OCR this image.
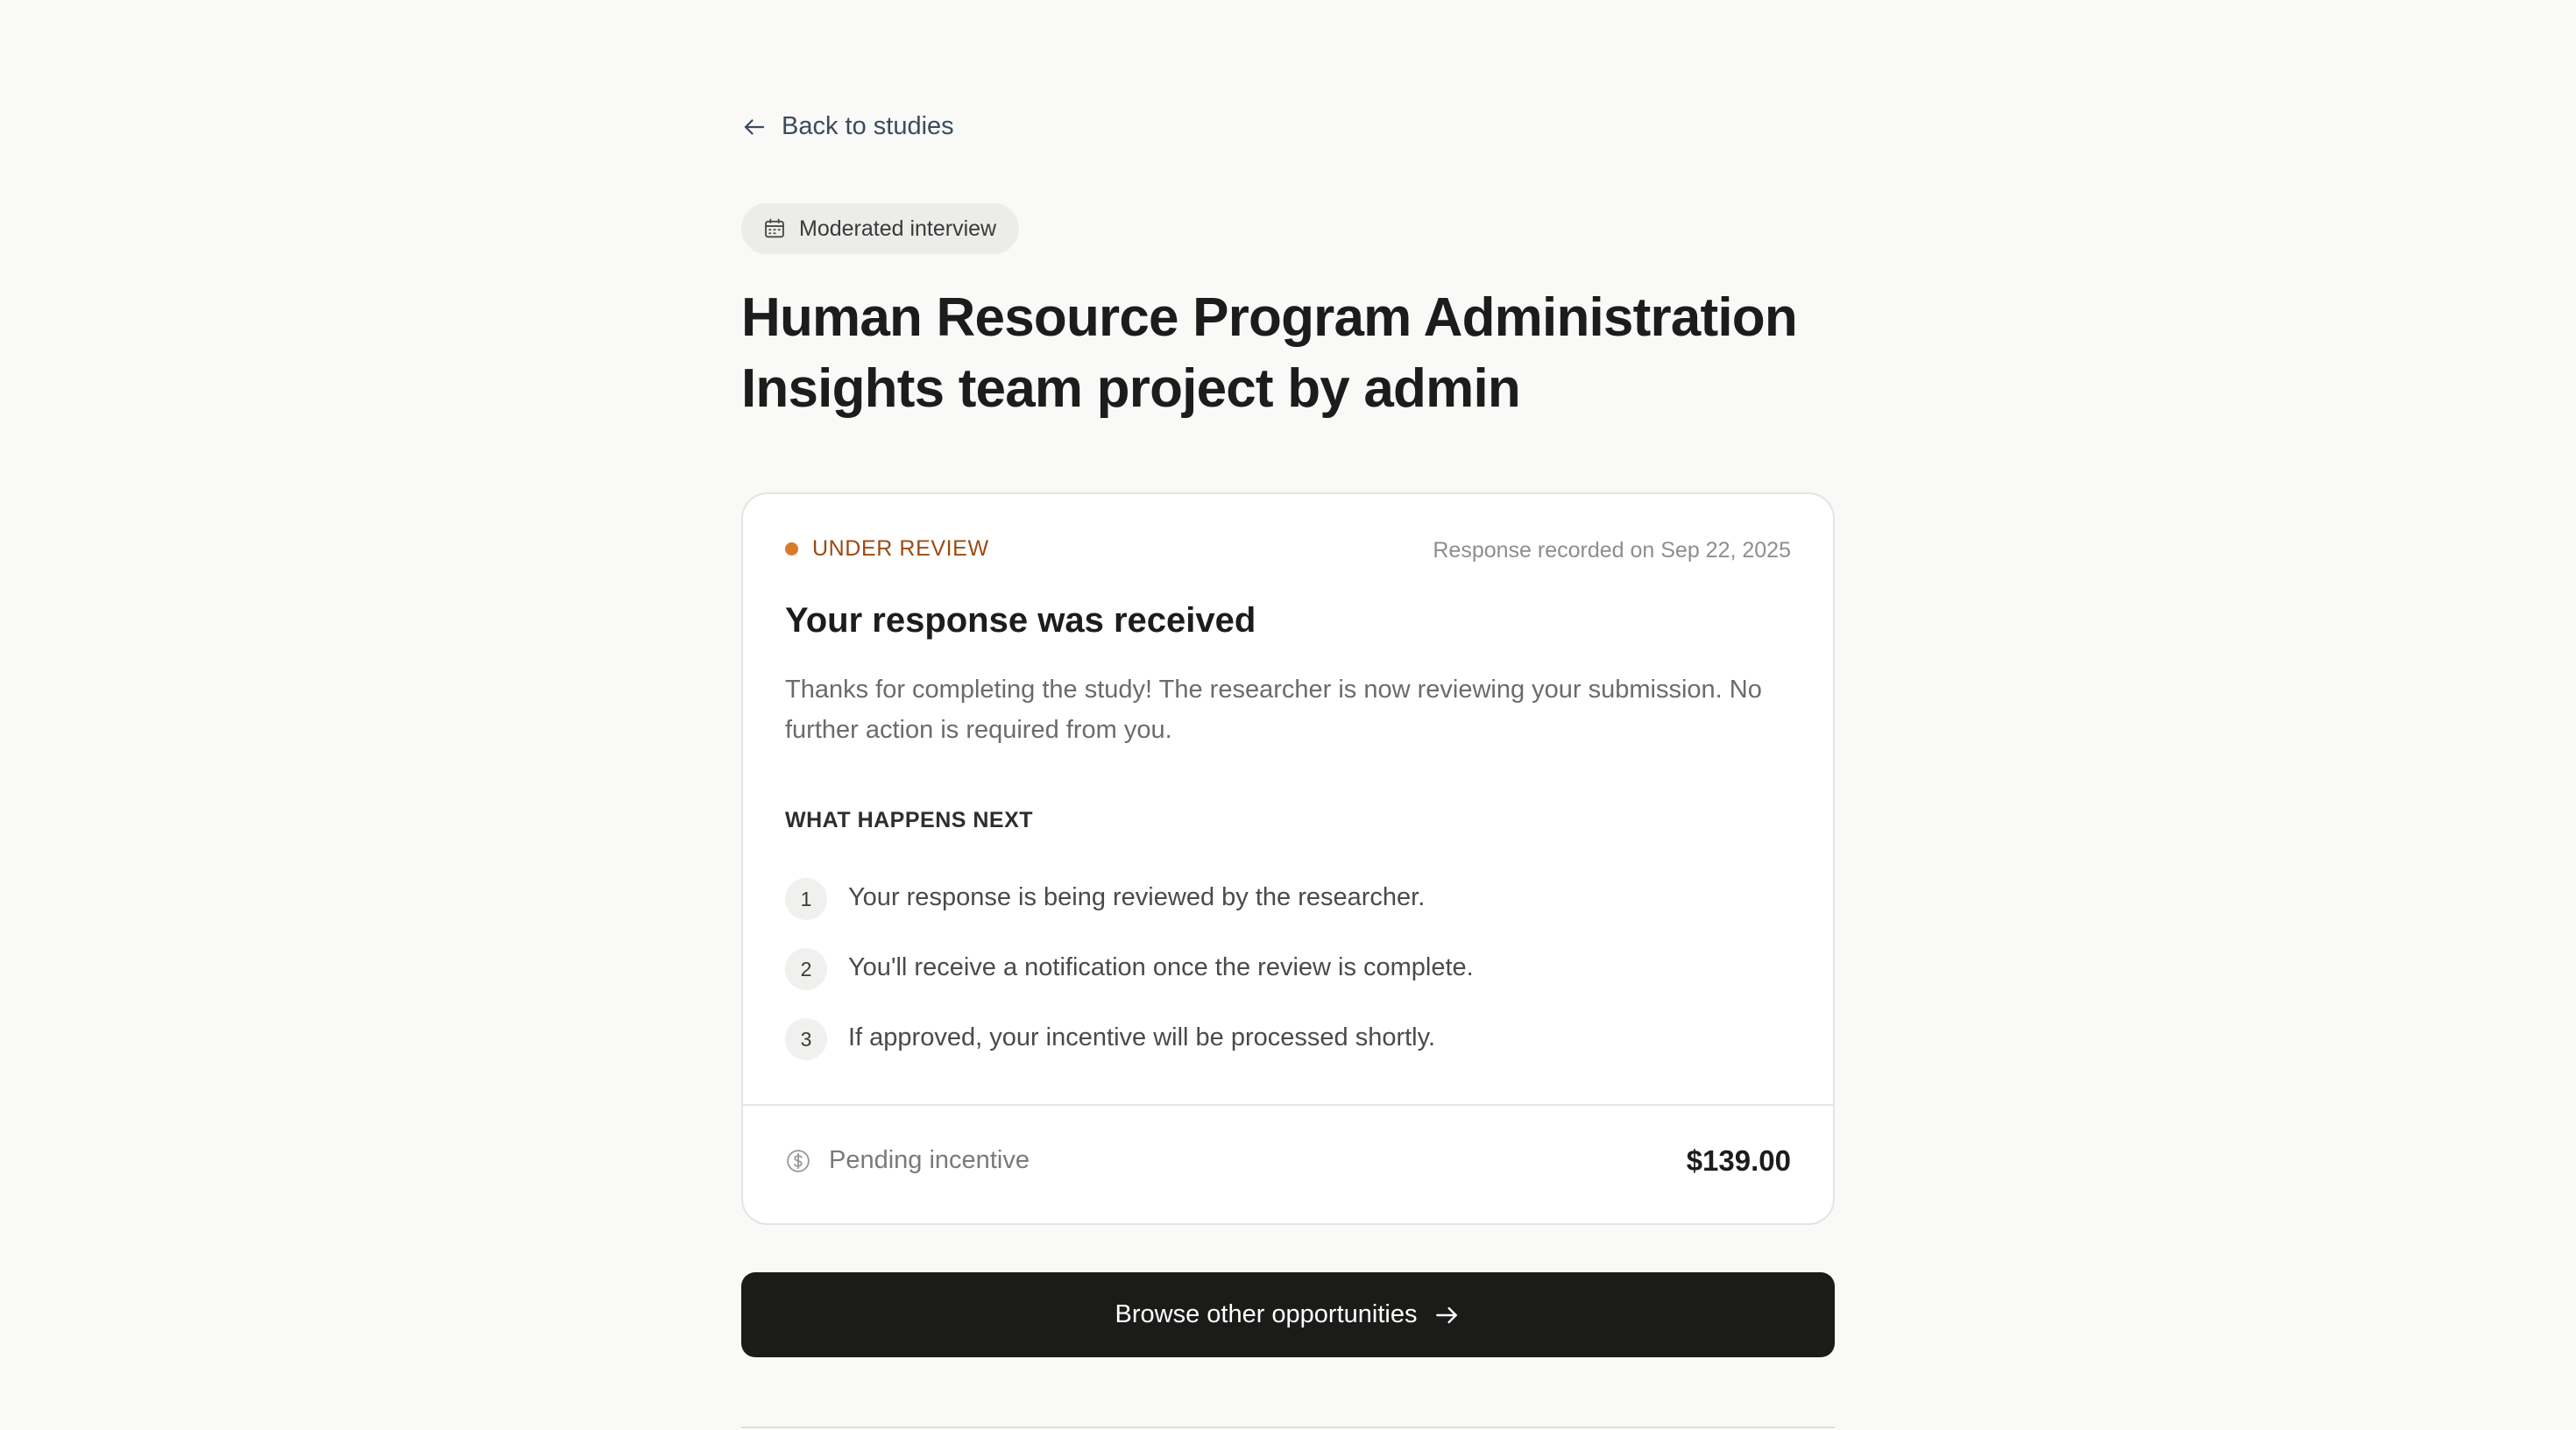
Back to studies
Moderated interview
Human Resource Program Administration Insights team project by admin
UNDER REVIEW	Response recorded on Sep 22, 2025
Your response was received

Thanks for completing the study! The researcher is now reviewing your submission. No further action is required from you.

WHAT HAPPENS NEXT
1	Your response is being reviewed by the researcher.
2	You'll receive a notification once the review is complete.
3	If approved, your incentive will be processed shortly.
Pending incentive	$139.00
Browse other opportunities
